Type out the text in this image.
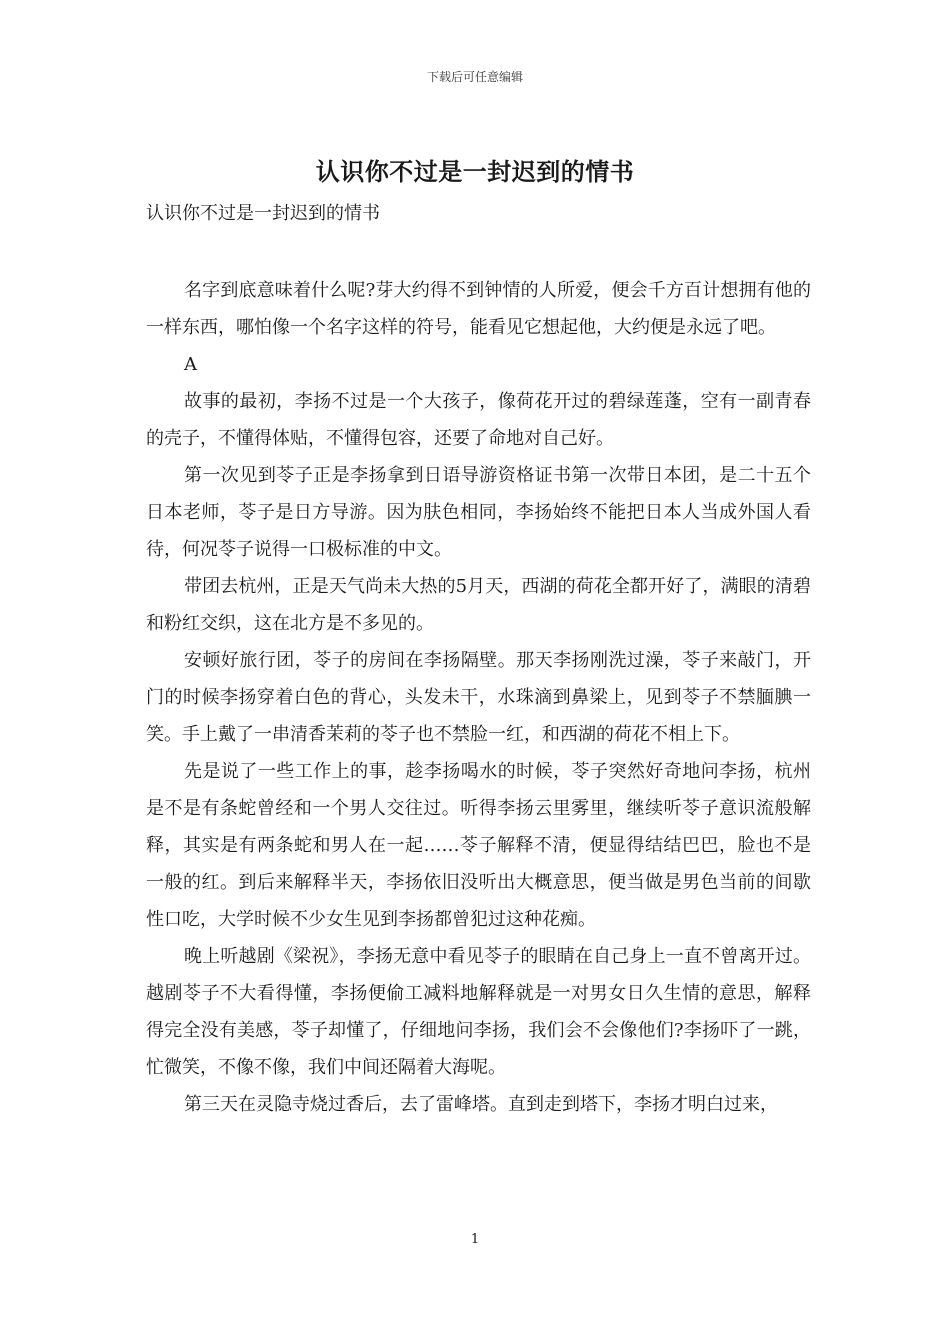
下载后可任意编辑
认识你不过是一封迟到的情书
认识你不过是一封迟到的情书

名字到底意味着什么呢?芽大约得不到钟情的人所爱，便会千方百计想拥有他的一样东西，哪怕像一个名字这样的符号，能看见它想起他，大约便是永远了吧。

A

故事的最初，李扬不过是一个大孩子，像荷花开过的碧绿莲蓬，空有一副青春的壳子，不懂得体贴，不懂得包容，还要了命地对自己好。

第一次见到苓子正是李扬拿到日语导游资格证书第一次带日本团，是二十五个日本老师，苓子是日方导游。因为肤色相同，李扬始终不能把日本人当成外国人看待，何况苓子说得一口极标准的中文。

带团去杭州，正是天气尚未大热的5月天，西湖的荷花全都开好了，满眼的清碧和粉红交织，这在北方是不多见的。

安顿好旅行团，苓子的房间在李扬隔壁。那天李扬刚洗过澡，苓子来敲门，开门的时候李扬穿着白色的背心，头发未干，水珠滴到鼻梁上，见到苓子不禁腼腆一笑。手上戴了一串清香茉莉的苓子也不禁脸一红，和西湖的荷花不相上下。

先是说了一些工作上的事，趁李扬喝水的时候，苓子突然好奇地问李扬，杭州是不是有条蛇曾经和一个男人交往过。听得李扬云里雾里，继续听苓子意识流般解释，其实是有两条蛇和男人在一起……苓子解释不清，便显得结结巴巴，脸也不是一般的红。到后来解释半天，李扬依旧没听出大概意思，便当做是男色当前的间歇性口吃，大学时候不少女生见到李扬都曾犯过这种花痴。

晚上听越剧《梁祝》，李扬无意中看见苓子的眼睛在自己身上一直不曾离开过。越剧苓子不大看得懂，李扬便偷工减料地解释就是一对男女日久生情的意思，解释得完全没有美感，苓子却懂了，仔细地问李扬，我们会不会像他们?李扬吓了一跳，忙微笑，不像不像，我们中间还隔着大海呢。

第三天在灵隐寺烧过香后，去了雷峰塔。直到走到塔下，李扬才明白过来，

1
